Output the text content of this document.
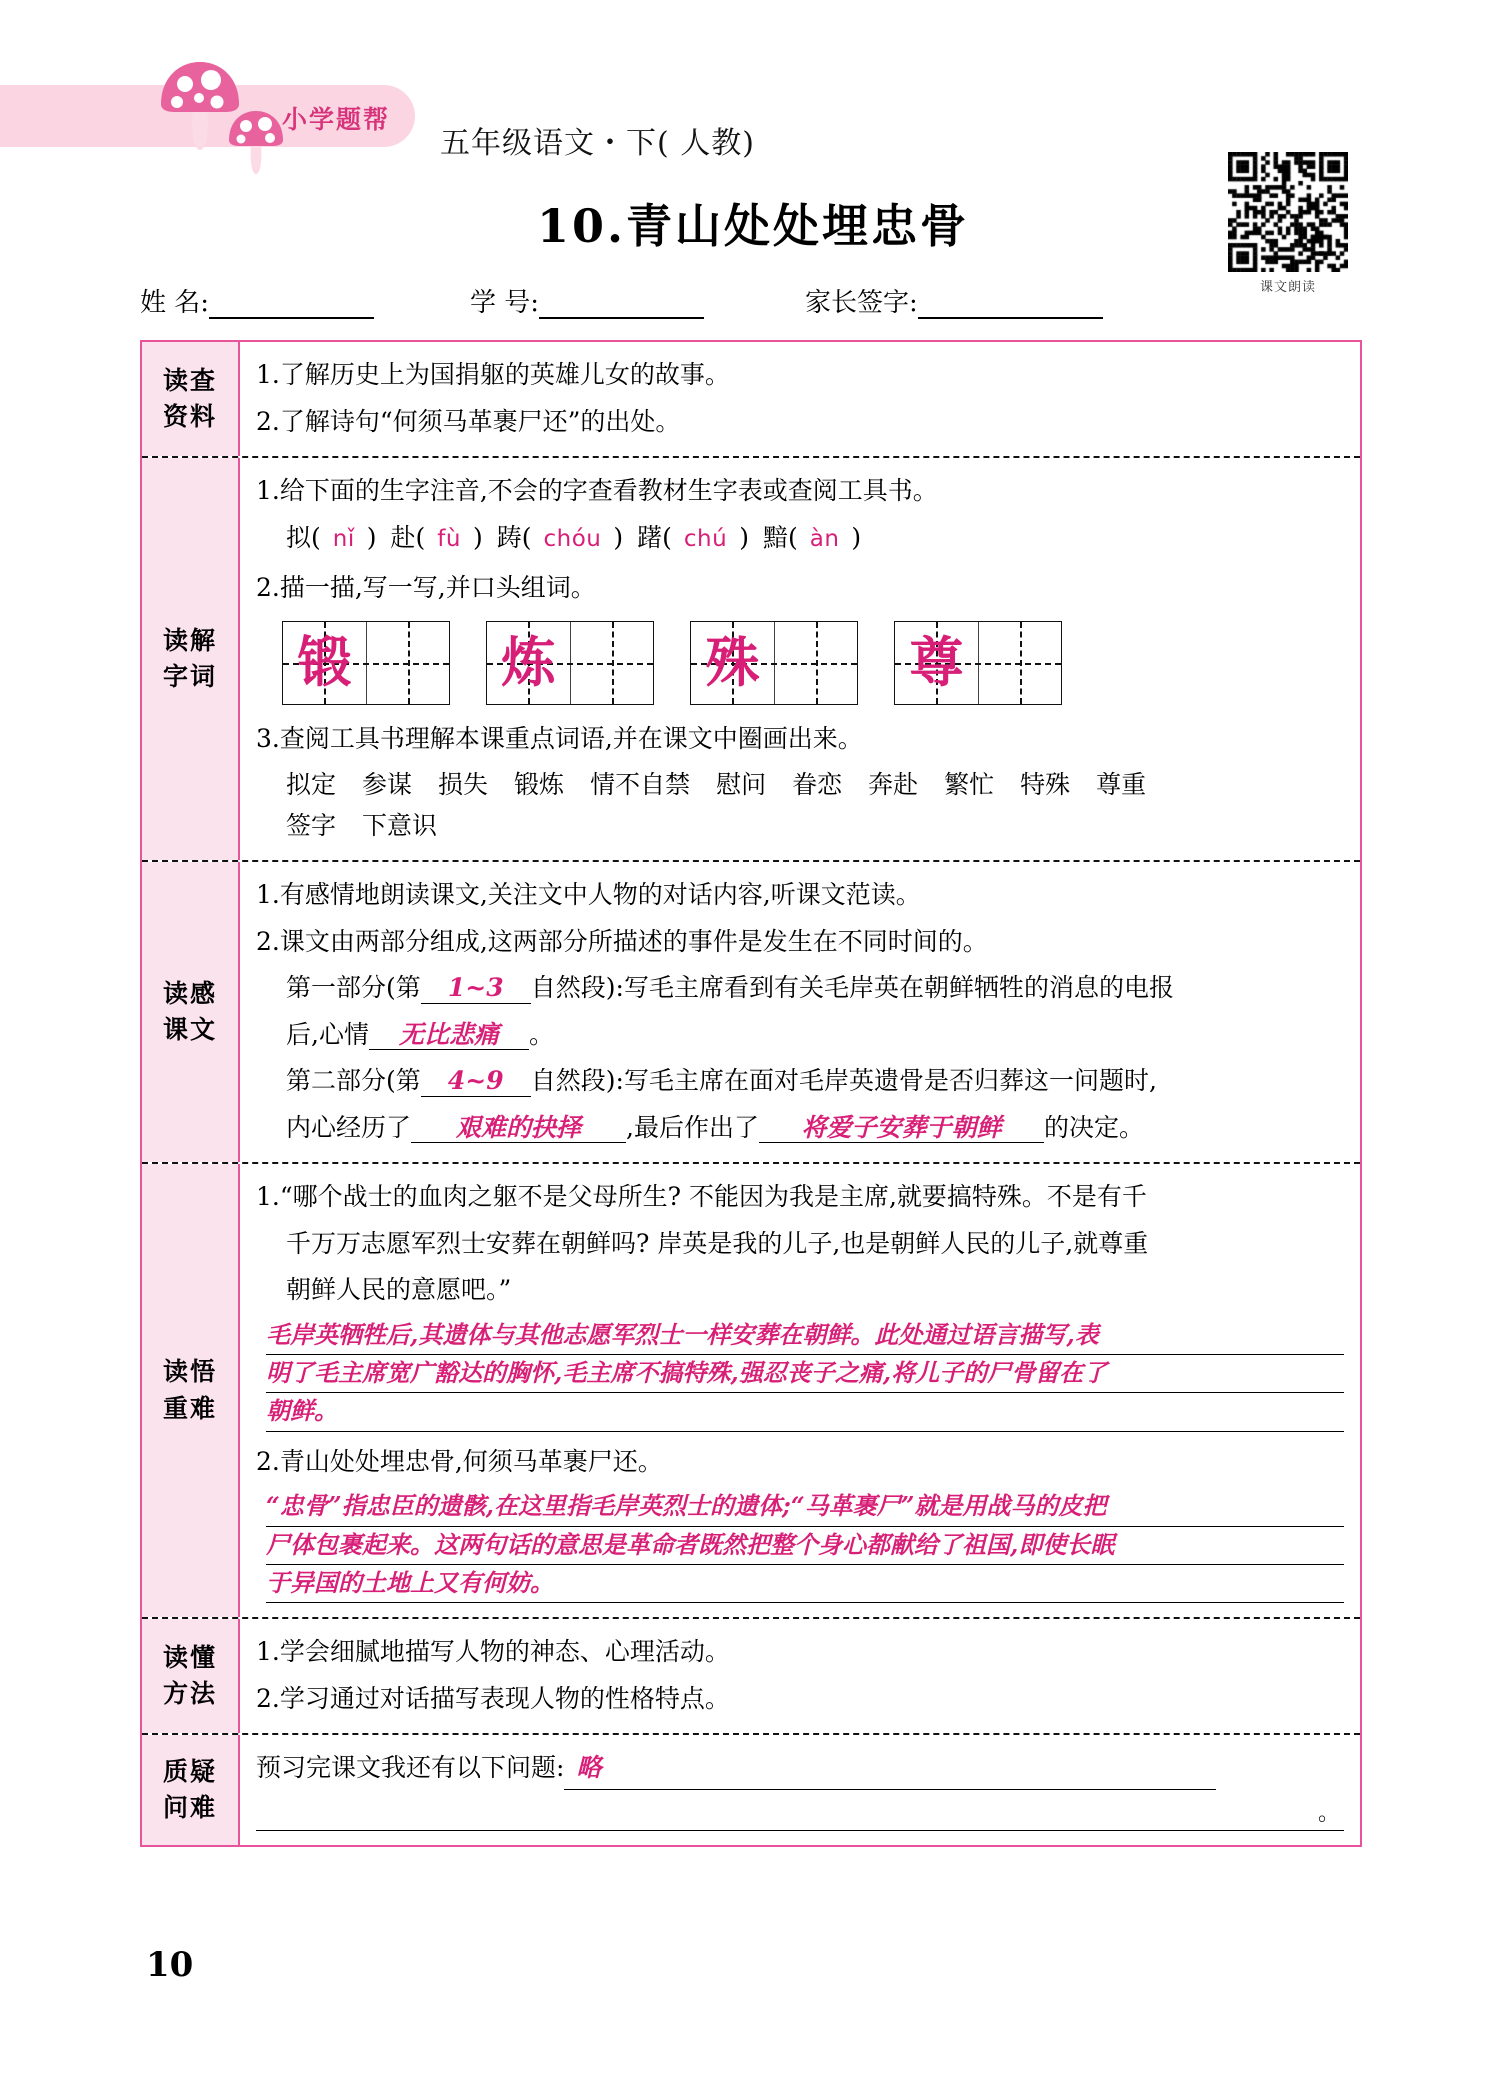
小学题帮
五年级语文・下( 人教)
10.青山处处埋忠骨
课文朗读
姓 名:	学 号:	家长签字:
读查
资料

1.了解历史上为国捐躯的英雄儿女的故事。

2.了解诗句“何须马革裹尸还”的出处。

读解
字词

1.给下面的生字注音,不会的字查看教材生字表或查阅工具书。

拟( nǐ ) 赴( fù ) 踌( chóu ) 躇( chú ) 黯( àn )

2.描一描,写一写,并口头组词。

锻	炼	殊	尊

3.查阅工具书理解本课重点词语,并在课文中圈画出来。

拟定 参谋 损失 锻炼 情不自禁 慰问 眷恋 奔赴 繁忙 特殊 尊重
签字 下意识
读感
课文

1.有感情地朗读课文,关注文中人物的对话内容,听课文范读。

2.课文由两部分组成,这两部分所描述的事件是发生在不同时间的。

第一部分(第 1~3 自然段):写毛主席看到有关毛岸英在朝鲜牺牲的消息的电报

后,心情 无比悲痛 。

第二部分(第 4~9 自然段):写毛主席在面对毛岸英遗骨是否归葬这一问题时,

内心经历了 艰难的抉择 ,最后作出了 将爱子安葬于朝鲜 的决定。

读悟
重难

1.“哪个战士的血肉之躯不是父母所生? 不能因为我是主席,就要搞特殊。不是有千

千万万志愿军烈士安葬在朝鲜吗? 岸英是我的儿子,也是朝鲜人民的儿子,就尊重

朝鲜人民的意愿吧。”

毛岸英牺牲后,其遗体与其他志愿军烈士一样安葬在朝鲜。此处通过语言描写,表
明了毛主席宽广豁达的胸怀,毛主席不搞特殊,强忍丧子之痛,将儿子的尸骨留在了
朝鲜。

2.青山处处埋忠骨,何须马革裹尸还。

“忠骨”指忠臣的遗骸,在这里指毛岸英烈士的遗体;“马革裹尸”就是用战马的皮把
尸体包裹起来。这两句话的意思是革命者既然把整个身心都献给了祖国,即使长眠
于异国的土地上又有何妨。
读懂
方法

1.学会细腻地描写人物的神态、心理活动。

2.学习通过对话描写表现人物的性格特点。

质疑
问难

预习完课文我还有以下问题: 略

。
10
